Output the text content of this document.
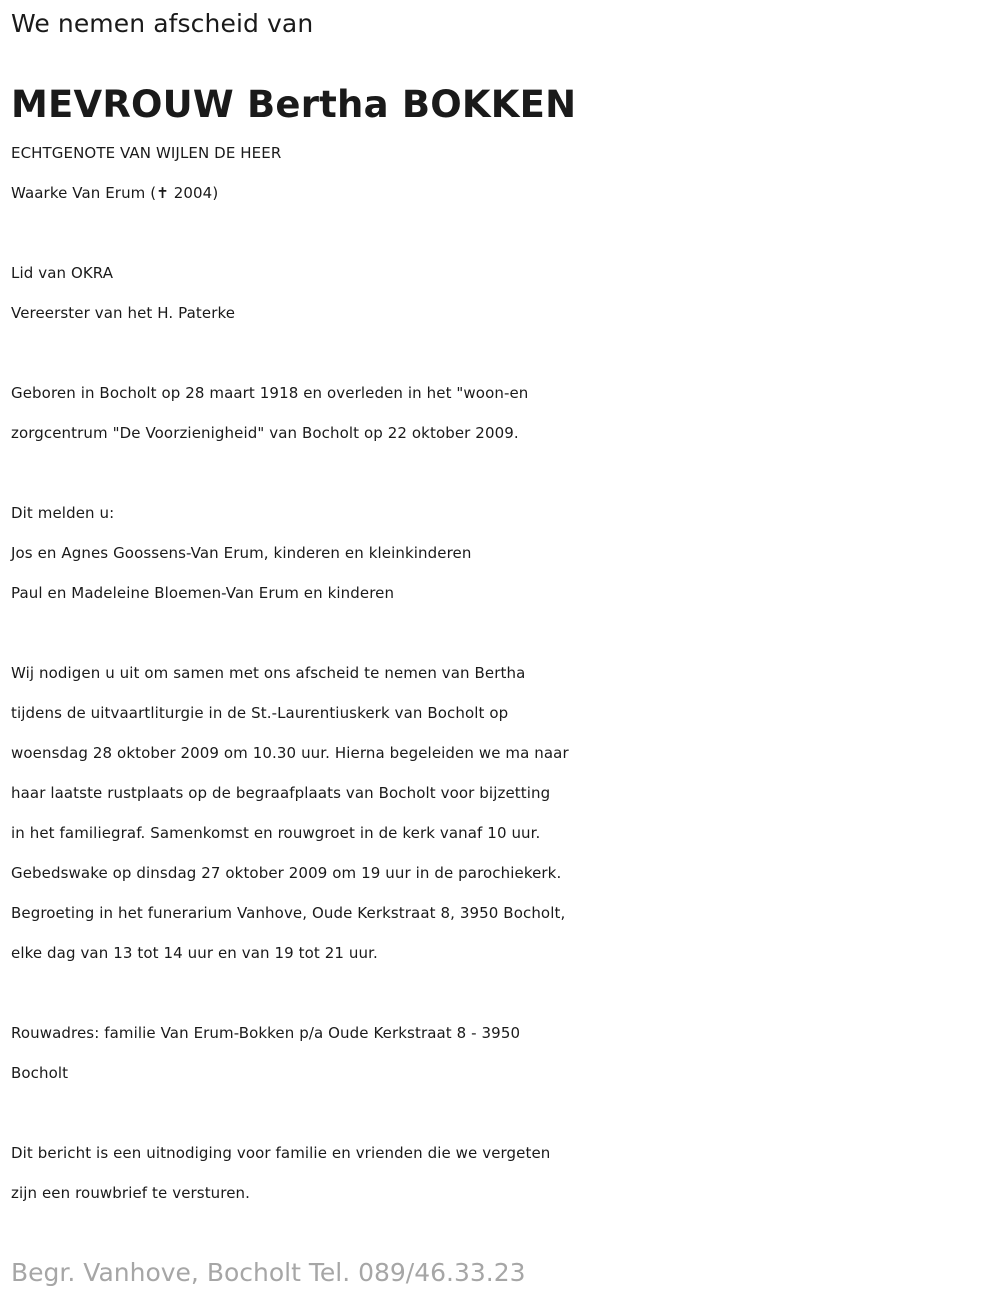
We nemen afscheid van
MEVROUW Bertha BOKKEN
ECHTGENOTE VAN WIJLEN DE HEER
Waarke Van Erum (✝ 2004)
Lid van OKRA
Vereerster van het H. Paterke
Geboren in Bocholt op 28 maart 1918 en overleden in het "woon-en
zorgcentrum "De Voorzienigheid" van Bocholt op 22 oktober 2009.
Dit melden u:
Jos en Agnes Goossens-Van Erum, kinderen en kleinkinderen
Paul en Madeleine Bloemen-Van Erum en kinderen
Wij nodigen u uit om samen met ons afscheid te nemen van Bertha
tijdens de uitvaartliturgie in de St.-Laurentiuskerk van Bocholt op
woensdag 28 oktober 2009 om 10.30 uur. Hierna begeleiden we ma naar
haar laatste rustplaats op de begraafplaats van Bocholt voor bijzetting
in het familiegraf. Samenkomst en rouwgroet in de kerk vanaf 10 uur.
Gebedswake op dinsdag 27 oktober 2009 om 19 uur in de parochiekerk.
Begroeting in het funerarium Vanhove, Oude Kerkstraat 8, 3950 Bocholt,
elke dag van 13 tot 14 uur en van 19 tot 21 uur.
Rouwadres: familie Van Erum-Bokken p/a Oude Kerkstraat 8 - 3950
Bocholt
Dit bericht is een uitnodiging voor familie en vrienden die we vergeten
zijn een rouwbrief te versturen.
Begr. Vanhove, Bocholt Tel. 089/46.33.23
